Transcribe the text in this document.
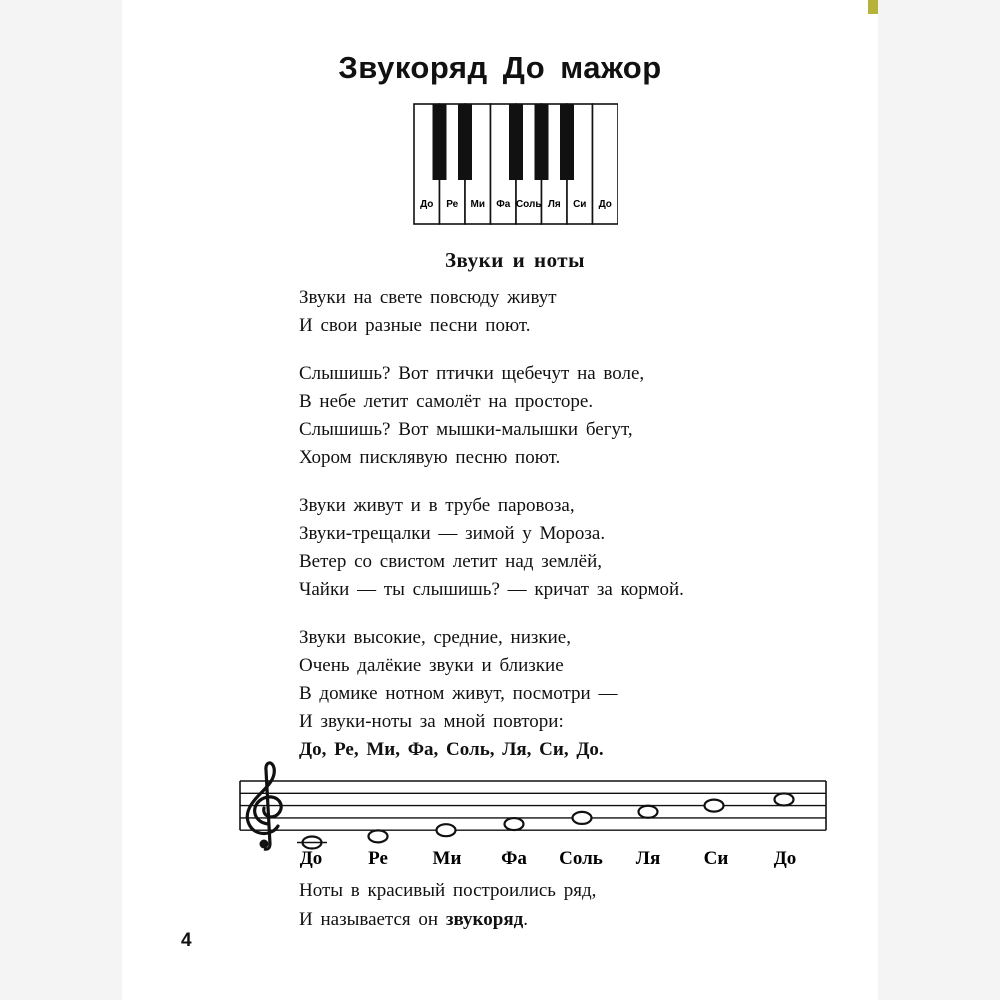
Звукоряд До мажор
До Ре Ми Фа Соль Ля Си До
Звуки и ноты
Звуки на свете повсюду живут
И свои разные песни поют.
Слышишь? Вот птички щебечут на воле,
В небе летит самолёт на просторе.
Слышишь? Вот мышки-малышки бегут,
Хором писклявую песню поют.
Звуки живут и в трубе паровоза,
Звуки-трещалки — зимой у Мороза.
Ветер со свистом летит над землёй,
Чайки — ты слышишь? — кричат за кормой.
Звуки высокие, средние, низкие,
Очень далёкие звуки и близкие
В домике нотном живут, посмотри —
И звуки-ноты за мной повтори:
До, Ре, Ми, Фа, Соль, Ля, Си, До.
До Ре Ми Фа Соль Ля Си До
Ноты в красивый построились ряд,
И называется он звукоряд.
4
